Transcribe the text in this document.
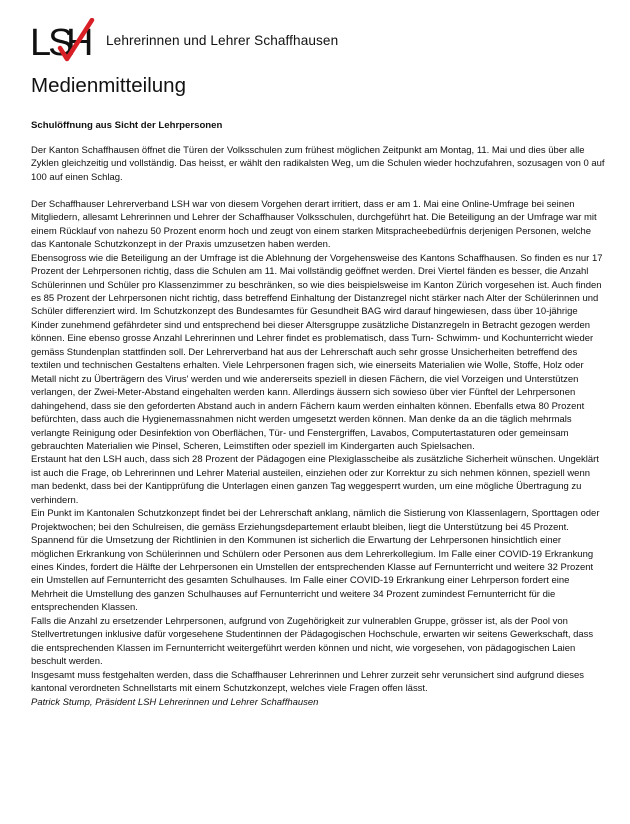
LS
H Lehrerinnen und Lehrer Schaffhausen
Medienmitteilung
Schulöffnung aus Sicht der Lehrpersonen

Der Kanton Schaffhausen öffnet die Türen der Volksschulen zum frühest möglichen Zeitpunkt am Montag, 11. Mai und dies über alle Zyklen gleichzeitig und vollständig. Das heisst, er wählt den radikalsten Weg, um die Schulen wieder hochzufahren, sozusagen von 0 auf 100 auf einen Schlag.

Der Schaffhauser Lehrerverband LSH war von diesem Vorgehen derart irritiert, dass er am 1. Mai eine Online-Umfrage bei seinen Mitgliedern, allesamt Lehrerinnen und Lehrer der Schaffhauser Volksschulen, durchgeführt hat. Die Beteiligung an der Umfrage war mit einem Rücklauf von nahezu 50 Prozent enorm hoch und zeugt von einem starken Mitspracheebedürfnis derjenigen Personen, welche das Kantonale Schutzkonzept in der Praxis umzusetzen haben werden.

Ebensogross wie die Beteiligung an der Umfrage ist die Ablehnung der Vorgehensweise des Kantons Schaffhausen. So finden es nur 17 Prozent der Lehrpersonen richtig, dass die Schulen am 11. Mai vollständig geöffnet werden. Drei Viertel fänden es besser, die Anzahl Schülerinnen und Schüler pro Klassenzimmer zu beschränken, so wie dies beispielsweise im Kanton Zürich vorgesehen ist. Auch finden es 85 Prozent der Lehrpersonen nicht richtig, dass betreffend Einhaltung der Distanzregel nicht stärker nach Alter der Schülerinnen und Schüler differenziert wird. Im Schutzkonzept des Bundesamtes für Gesundheit BAG wird darauf hingewiesen, dass über 10-jährige Kinder zunehmend gefährdeter sind und entsprechend bei dieser Altersgruppe zusätzliche Distanzregeln in Betracht gezogen werden können. Eine ebenso grosse Anzahl Lehrerinnen und Lehrer findet es problematisch, dass Turn- Schwimm- und Kochunterricht wieder gemäss Stundenplan stattfinden soll. Der Lehrerverband hat aus der Lehrerschaft auch sehr grosse Unsicherheiten betreffend des textilen und technischen Gestaltens erhalten. Viele Lehrpersonen fragen sich, wie einerseits Materialien wie Wolle, Stoffe, Holz oder Metall nicht zu Überträgern des Virus' werden und wie andererseits speziell in diesen Fächern, die viel Vorzeigen und Unterstützen verlangen, der Zwei-Meter-Abstand eingehalten werden kann. Allerdings äussern sich sowieso über vier Fünftel der Lehrpersonen dahingehend, dass sie den geforderten Abstand auch in andern Fächern kaum werden einhalten können. Ebenfalls etwa 80 Prozent befürchten, dass auch die Hygienemassnahmen nicht werden umgesetzt werden können. Man denke da an die täglich mehrmals verlangte Reinigung oder Desinfektion von Oberflächen, Tür- und Fenstergriffen, Lavabos, Computertastaturen oder gemeinsam gebrauchten Materialien wie Pinsel, Scheren, Leimstiften oder speziell im Kindergarten auch Spielsachen.

Erstaunt hat den LSH auch, dass sich 28 Prozent der Pädagogen eine Plexiglasscheibe als zusätzliche Sicherheit wünschen. Ungeklärt ist auch die Frage, ob Lehrerinnen und Lehrer Material austeilen, einziehen oder zur Korrektur zu sich nehmen können, speziell wenn man bedenkt, dass bei der Kantipprüfung die Unterlagen einen ganzen Tag weggesperrt wurden, um eine mögliche Übertragung zu verhindern.

Ein Punkt im Kantonalen Schutzkonzept findet bei der Lehrerschaft anklang, nämlich die Sistierung von Klassenlagern, Sporttagen oder Projektwochen; bei den Schulreisen, die gemäss Erziehungsdepartement erlaubt bleiben, liegt die Unterstützung bei 45 Prozent.

Spannend für die Umsetzung der Richtlinien in den Kommunen ist sicherlich die Erwartung der Lehrpersonen hinsichtlich einer möglichen Erkrankung von Schülerinnen und Schülern oder Personen aus dem Lehrerkollegium. Im Falle einer COVID-19 Erkrankung eines Kindes, fordert die Hälfte der Lehrpersonen ein Umstellen der entsprechenden Klasse auf Fernunterricht und weitere 32 Prozent ein Umstellen auf Fernunterricht des gesamten Schulhauses. Im Falle einer COVID-19 Erkrankung einer Lehrperson fordert eine Mehrheit die Umstellung des ganzen Schulhauses auf Fernunterricht und weitere 34 Prozent zumindest Fernunterricht für die entsprechenden Klassen.

Falls die Anzahl zu ersetzender Lehrpersonen, aufgrund von Zugehörigkeit zur vulnerablen Gruppe, grösser ist, als der Pool von Stellvertretungen inklusive dafür vorgesehene Studentinnen der Pädagogischen Hochschule, erwarten wir seitens Gewerkschaft, dass die entsprechenden Klassen im Fernunterricht weitergeführt werden können und nicht, wie vorgesehen, von pädagogischen Laien beschult werden.

Insgesamt muss festgehalten werden, dass die Schaffhauser Lehrerinnen und Lehrer zurzeit sehr verunsichert sind aufgrund dieses kantonal verordneten Schnellstarts mit einem Schutzkonzept, welches viele Fragen offen lässt.

Patrick Stump, Präsident LSH Lehrerinnen und Lehrer Schaffhausen
